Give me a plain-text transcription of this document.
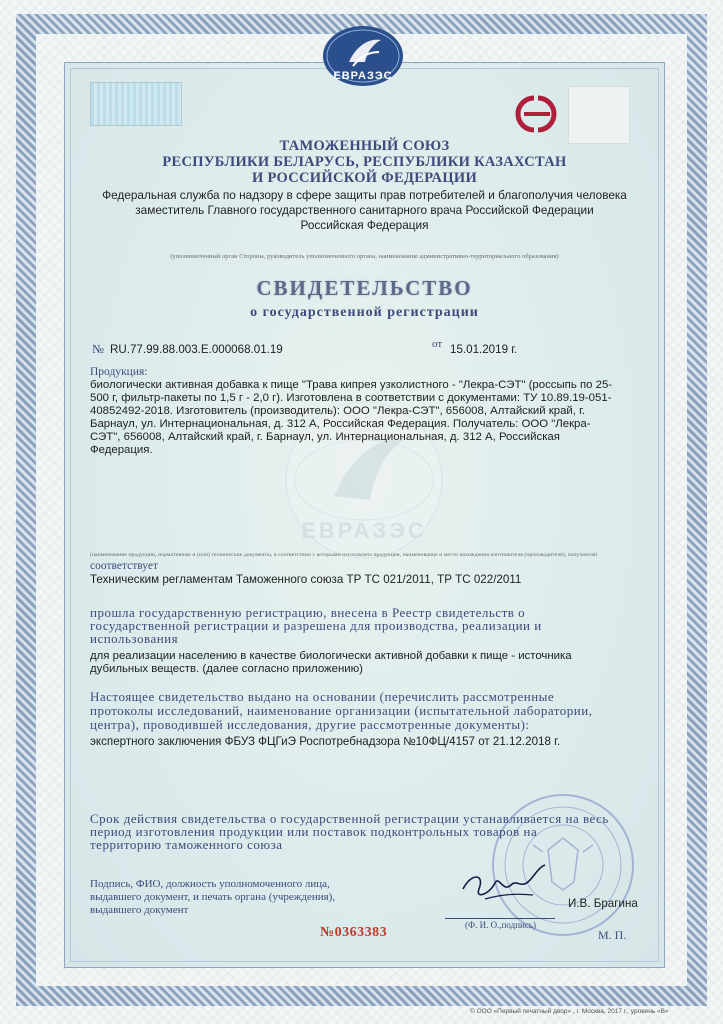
ЕВРАЗЭС
ЕВРАЗЭС
ТАМОЖЕННЫЙ СОЮЗ
РЕСПУБЛИКИ БЕЛАРУСЬ, РЕСПУБЛИКИ КАЗАХСТАН
И РОССИЙСКОЙ ФЕДЕРАЦИИ
Федеральная служба по надзору в сфере защиты прав потребителей и благополучия человека
заместитель Главного государственного санитарного врача Российской Федерации
Российская Федерация
(уполномоченный орган Стороны, руководитель уполномоченного органа, наименование административно-территориального образования)
СВИДЕТЕЛЬСТВО
о государственной регистрации
№ RU.77.99.88.003.Е.000068.01.19	от 15.01.2019 г.
Продукция:
биологически активная добавка к пище "Трава кипрея узколистного - "Лекра-СЭТ" (россыпь по 25-
500 г, фильтр-пакеты по 1,5 г - 2,0 г). Изготовлена в соответствии с документами: ТУ 10.89.19-051-
40852492-2018. Изготовитель (производитель): ООО "Лекра-СЭТ", 656008, Алтайский край, г.
Барнаул, ул. Интернациональная, д. 312 А, Российская Федерация. Получатель: ООО "Лекра-
СЭТ", 656008, Алтайский край, г. Барнаул, ул. Интернациональная, д. 312 А, Российская
Федерация.
(наименование продукции, нормативные и (или) технические документы, в соответствии с которыми изготовлена продукция, наименование и место нахождения изготовителя (производителя), получателя)
соответствует
Техническим регламентам Таможенного союза ТР ТС 021/2011, ТР ТС 022/2011
прошла государственную регистрацию, внесена в Реестр свидетельств о
государственной регистрации и разрешена для производства, реализации и
использования
для реализации населению в качестве биологически активной добавки к пище - источника
дубильных веществ. (далее согласно приложению)
Настоящее свидетельство выдано на основании (перечислить рассмотренные
протоколы исследований, наименование организации (испытательной лаборатории,
центра), проводившей исследования, другие рассмотренные документы):
экспертного заключения ФБУЗ ФЦГиЭ Роспотребнадзора №10ФЦ/4157 от 21.12.2018 г.
Срок действия свидетельства о государственной регистрации устанавливается на весь
период изготовления продукции или поставок подконтрольных товаров на
территорию таможенного союза
Подпись, ФИО, должность уполномоченного лица,
выдавшего документ, и печать органа (учреждения),
выдавшего документ	И.В. Брагина
(Ф. И. О.,подпись)
М. П.
№0363383
© ООО «Первый печатный двор» , г. Москва, 2017 г., уровень «В»
